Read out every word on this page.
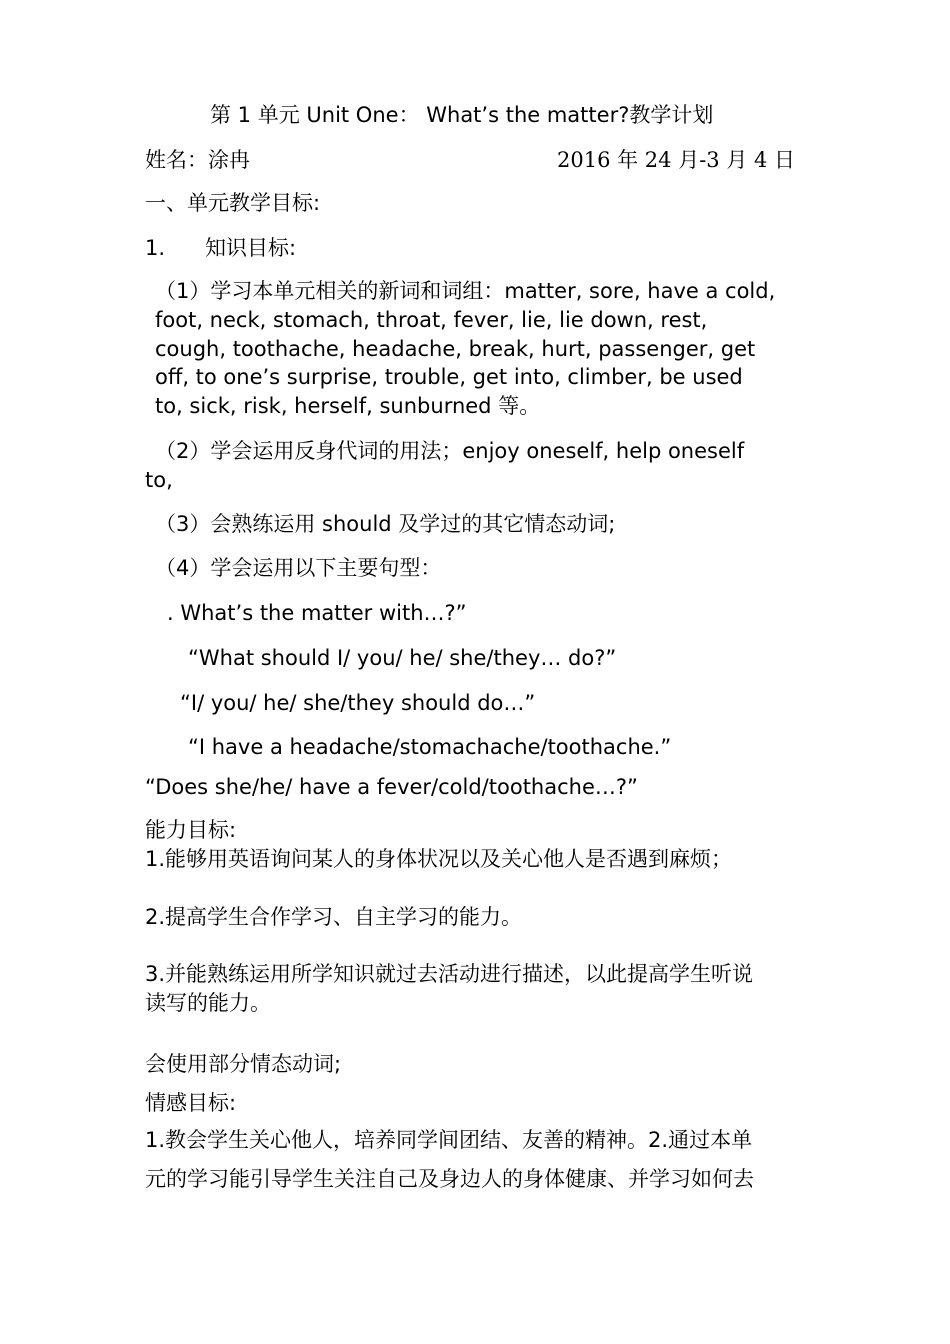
第 1 单元 Unit One： What’s the matter?教学计划
姓名：涂冉	2016 年 24 月-3 月 4 日
一、单元教学目标:
1. 知识目标:
（1）学习本单元相关的新词和词组：matter, sore, have a cold,
foot, neck, stomach, throat, fever, lie, lie down, rest,
cough, toothache, headache, break, hurt, passenger, get
off, to one’s surprise, trouble, get into, climber, be used
to, sick, risk, herself, sunburned 等。
（2）学会运用反身代词的用法；enjoy oneself, help oneself
to,
（3）会熟练运用 should 及学过的其它情态动词;
（4）学会运用以下主要句型：
. What’s the matter with…?”
“What should I/ you/ he/ she/they… do?”
“I/ you/ he/ she/they should do…”
“I have a headache/stomachache/toothache.”
“Does she/he/ have a fever/cold/toothache…?”
能力目标:
1.能够用英语询问某人的身体状况以及关心他人是否遇到麻烦；
2.提高学生合作学习、自主学习的能力。
3.并能熟练运用所学知识就过去活动进行描述，以此提高学生听说
读写的能力。
会使用部分情态动词;
情感目标:
1.教会学生关心他人，培养同学间团结、友善的精神。2.通过本单
元的学习能引导学生关注自己及身边人的身体健康、并学习如何去
